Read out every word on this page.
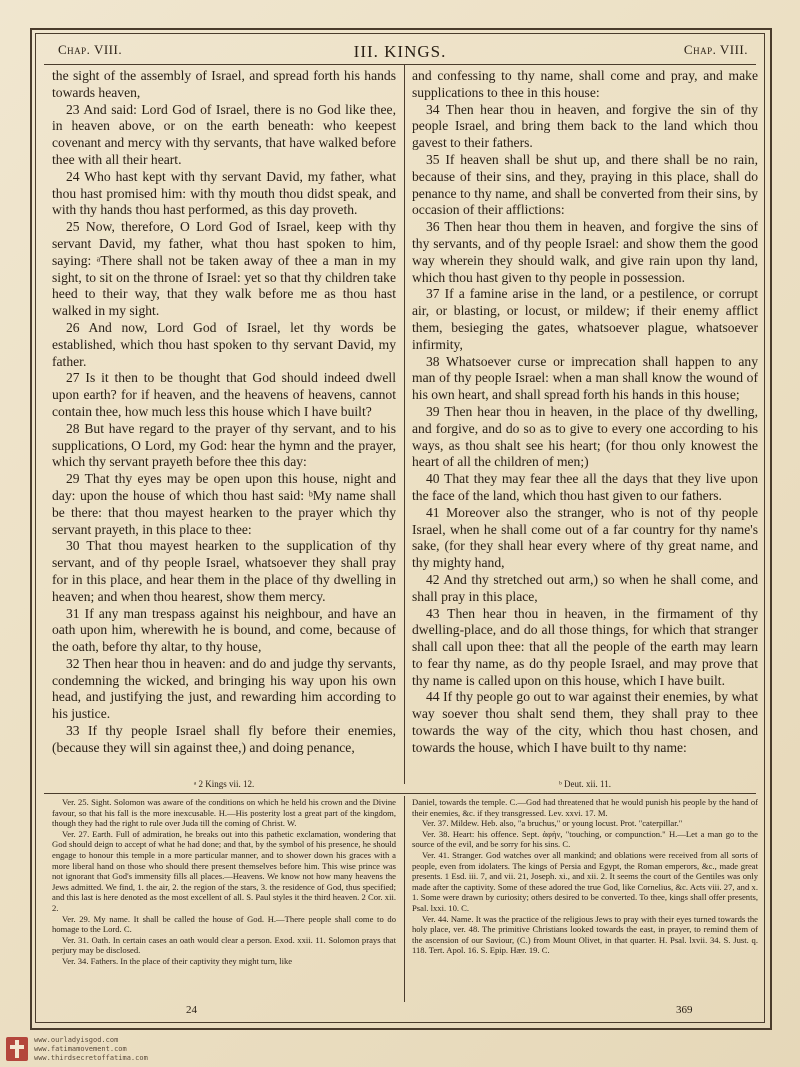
Chap. VIII.	III. KINGS.	Chap. VIII.

the sight of the assembly of Israel, and spread forth his hands towards heaven,

23 And said: Lord God of Israel, there is no God like thee, in heaven above, or on the earth beneath: who keepest covenant and mercy with thy servants, that have walked before thee with all their heart.

24 Who hast kept with thy servant David, my father, what thou hast promised him: with thy mouth thou didst speak, and with thy hands thou hast performed, as this day proveth.

25 Now, therefore, O Lord God of Israel, keep with thy servant David, my father, what thou hast spoken to him, saying: ᵃThere shall not be taken away of thee a man in my sight, to sit on the throne of Israel: yet so that thy children take heed to their way, that they walk before me as thou hast walked in my sight.

26 And now, Lord God of Israel, let thy words be established, which thou hast spoken to thy servant David, my father.

27 Is it then to be thought that God should indeed dwell upon earth? for if heaven, and the heavens of heavens, cannot contain thee, how much less this house which I have built?

28 But have regard to the prayer of thy servant, and to his supplications, O Lord, my God: hear the hymn and the prayer, which thy servant prayeth before thee this day:

29 That thy eyes may be open upon this house, night and day: upon the house of which thou hast said: ᵇMy name shall be there: that thou mayest hearken to the prayer which thy servant prayeth, in this place to thee:

30 That thou mayest hearken to the supplication of thy servant, and of thy people Israel, whatsoever they shall pray for in this place, and hear them in the place of thy dwelling in heaven; and when thou hearest, show them mercy.

31 If any man trespass against his neighbour, and have an oath upon him, wherewith he is bound, and come, because of the oath, before thy altar, to thy house,

32 Then hear thou in heaven: and do and judge thy servants, condemning the wicked, and bringing his way upon his own head, and justifying the just, and rewarding him according to his justice.

33 If thy people Israel shall fly before their enemies, (because they will sin against thee,) and doing penance,

and confessing to thy name, shall come and pray, and make supplications to thee in this house:

34 Then hear thou in heaven, and forgive the sin of thy people Israel, and bring them back to the land which thou gavest to their fathers.

35 If heaven shall be shut up, and there shall be no rain, because of their sins, and they, praying in this place, shall do penance to thy name, and shall be converted from their sins, by occasion of their afflictions:

36 Then hear thou them in heaven, and forgive the sins of thy servants, and of thy people Israel: and show them the good way wherein they should walk, and give rain upon thy land, which thou hast given to thy people in possession.

37 If a famine arise in the land, or a pestilence, or corrupt air, or blasting, or locust, or mildew; if their enemy afflict them, besieging the gates, whatsoever plague, whatsoever infirmity,

38 Whatsoever curse or imprecation shall happen to any man of thy people Israel: when a man shall know the wound of his own heart, and shall spread forth his hands in this house;

39 Then hear thou in heaven, in the place of thy dwelling, and forgive, and do so as to give to every one according to his ways, as thou shalt see his heart; (for thou only knowest the heart of all the children of men;)

40 That they may fear thee all the days that they live upon the face of the land, which thou hast given to our fathers.

41 Moreover also the stranger, who is not of thy people Israel, when he shall come out of a far country for thy name's sake, (for they shall hear every where of thy great name, and thy mighty hand,

42 And thy stretched out arm,) so when he shall come, and shall pray in this place,

43 Then hear thou in heaven, in the firmament of thy dwelling-place, and do all those things, for which that stranger shall call upon thee: that all the people of the earth may learn to fear thy name, as do thy people Israel, and may prove that thy name is called upon on this house, which I have built.

44 If thy people go out to war against their enemies, by what way soever thou shalt send them, they shall pray to thee towards the way of the city, which thou hast chosen, and towards the house, which I have built to thy name:

ᵃ 2 Kings vii. 12.	ᵇ Deut. xii. 11.

Ver. 25. Sight. Solomon was aware of the conditions on which he held his crown and the Divine favour, so that his fall is the more inexcusable. H.—His posterity lost a great part of the kingdom, though they had the right to rule over Juda till the coming of Christ. W.

Ver. 27. Earth. Full of admiration, he breaks out into this pathetic exclamation, wondering that God should deign to accept of what he had done; and that, by the symbol of his presence, he should engage to honour this temple in a more particular manner, and to shower down his graces with a more liberal hand on those who should there present themselves before him. This wise prince was not ignorant that God's immensity fills all places.—Heavens. We know not how many heavens the Jews admitted. We find, 1. the air, 2. the region of the stars, 3. the residence of God, thus specified; and this last is here denoted as the most excellent of all. S. Paul styles it the third heaven. 2 Cor. xii. 2.

Ver. 29. My name. It shall be called the house of God. H.—There people shall come to do homage to the Lord. C.

Ver. 31. Oath. In certain cases an oath would clear a person. Exod. xxii. 11. Solomon prays that perjury may be disclosed.

Ver. 34. Fathers. In the place of their captivity they might turn, like

Daniel, towards the temple. C.—God had threatened that he would punish his people by the hand of their enemies, &c. if they transgressed. Lev. xxvi. 17. M.

Ver. 37. Mildew. Heb. also, "a bruchus," or young locust. Prot. "caterpillar."

Ver. 38. Heart: his offence. Sept. ἁφὴν, "touching, or compunction." H.—Let a man go to the source of the evil, and be sorry for his sins. C.

Ver. 41. Stranger. God watches over all mankind; and oblations were received from all sorts of people, even from idolaters. The kings of Persia and Egypt, the Roman emperors, &c., made great presents. 1 Esd. iii. 7, and vii. 21, Joseph. xi., and xii. 2. It seems the court of the Gentiles was only made after the captivity. Some of these adored the true God, like Cornelius, &c. Acts viii. 27, and x. 1. Some were drawn by curiosity; others desired to be converted. To thee, kings shall offer presents, Psal. lxxi. 10. C.

Ver. 44. Name. It was the practice of the religious Jews to pray with their eyes turned towards the holy place, ver. 48. The primitive Christians looked towards the east, in prayer, to remind them of the ascension of our Saviour, (C.) from Mount Olivet, in that quarter. H. Psal. lxvii. 34. S. Just. q. 118. Tert. Apol. 16. S. Epip. Hær. 19. C.

24	369
www.ourladyisgod.com
www.fatimamovement.com
www.thirdsecretoffatima.com
